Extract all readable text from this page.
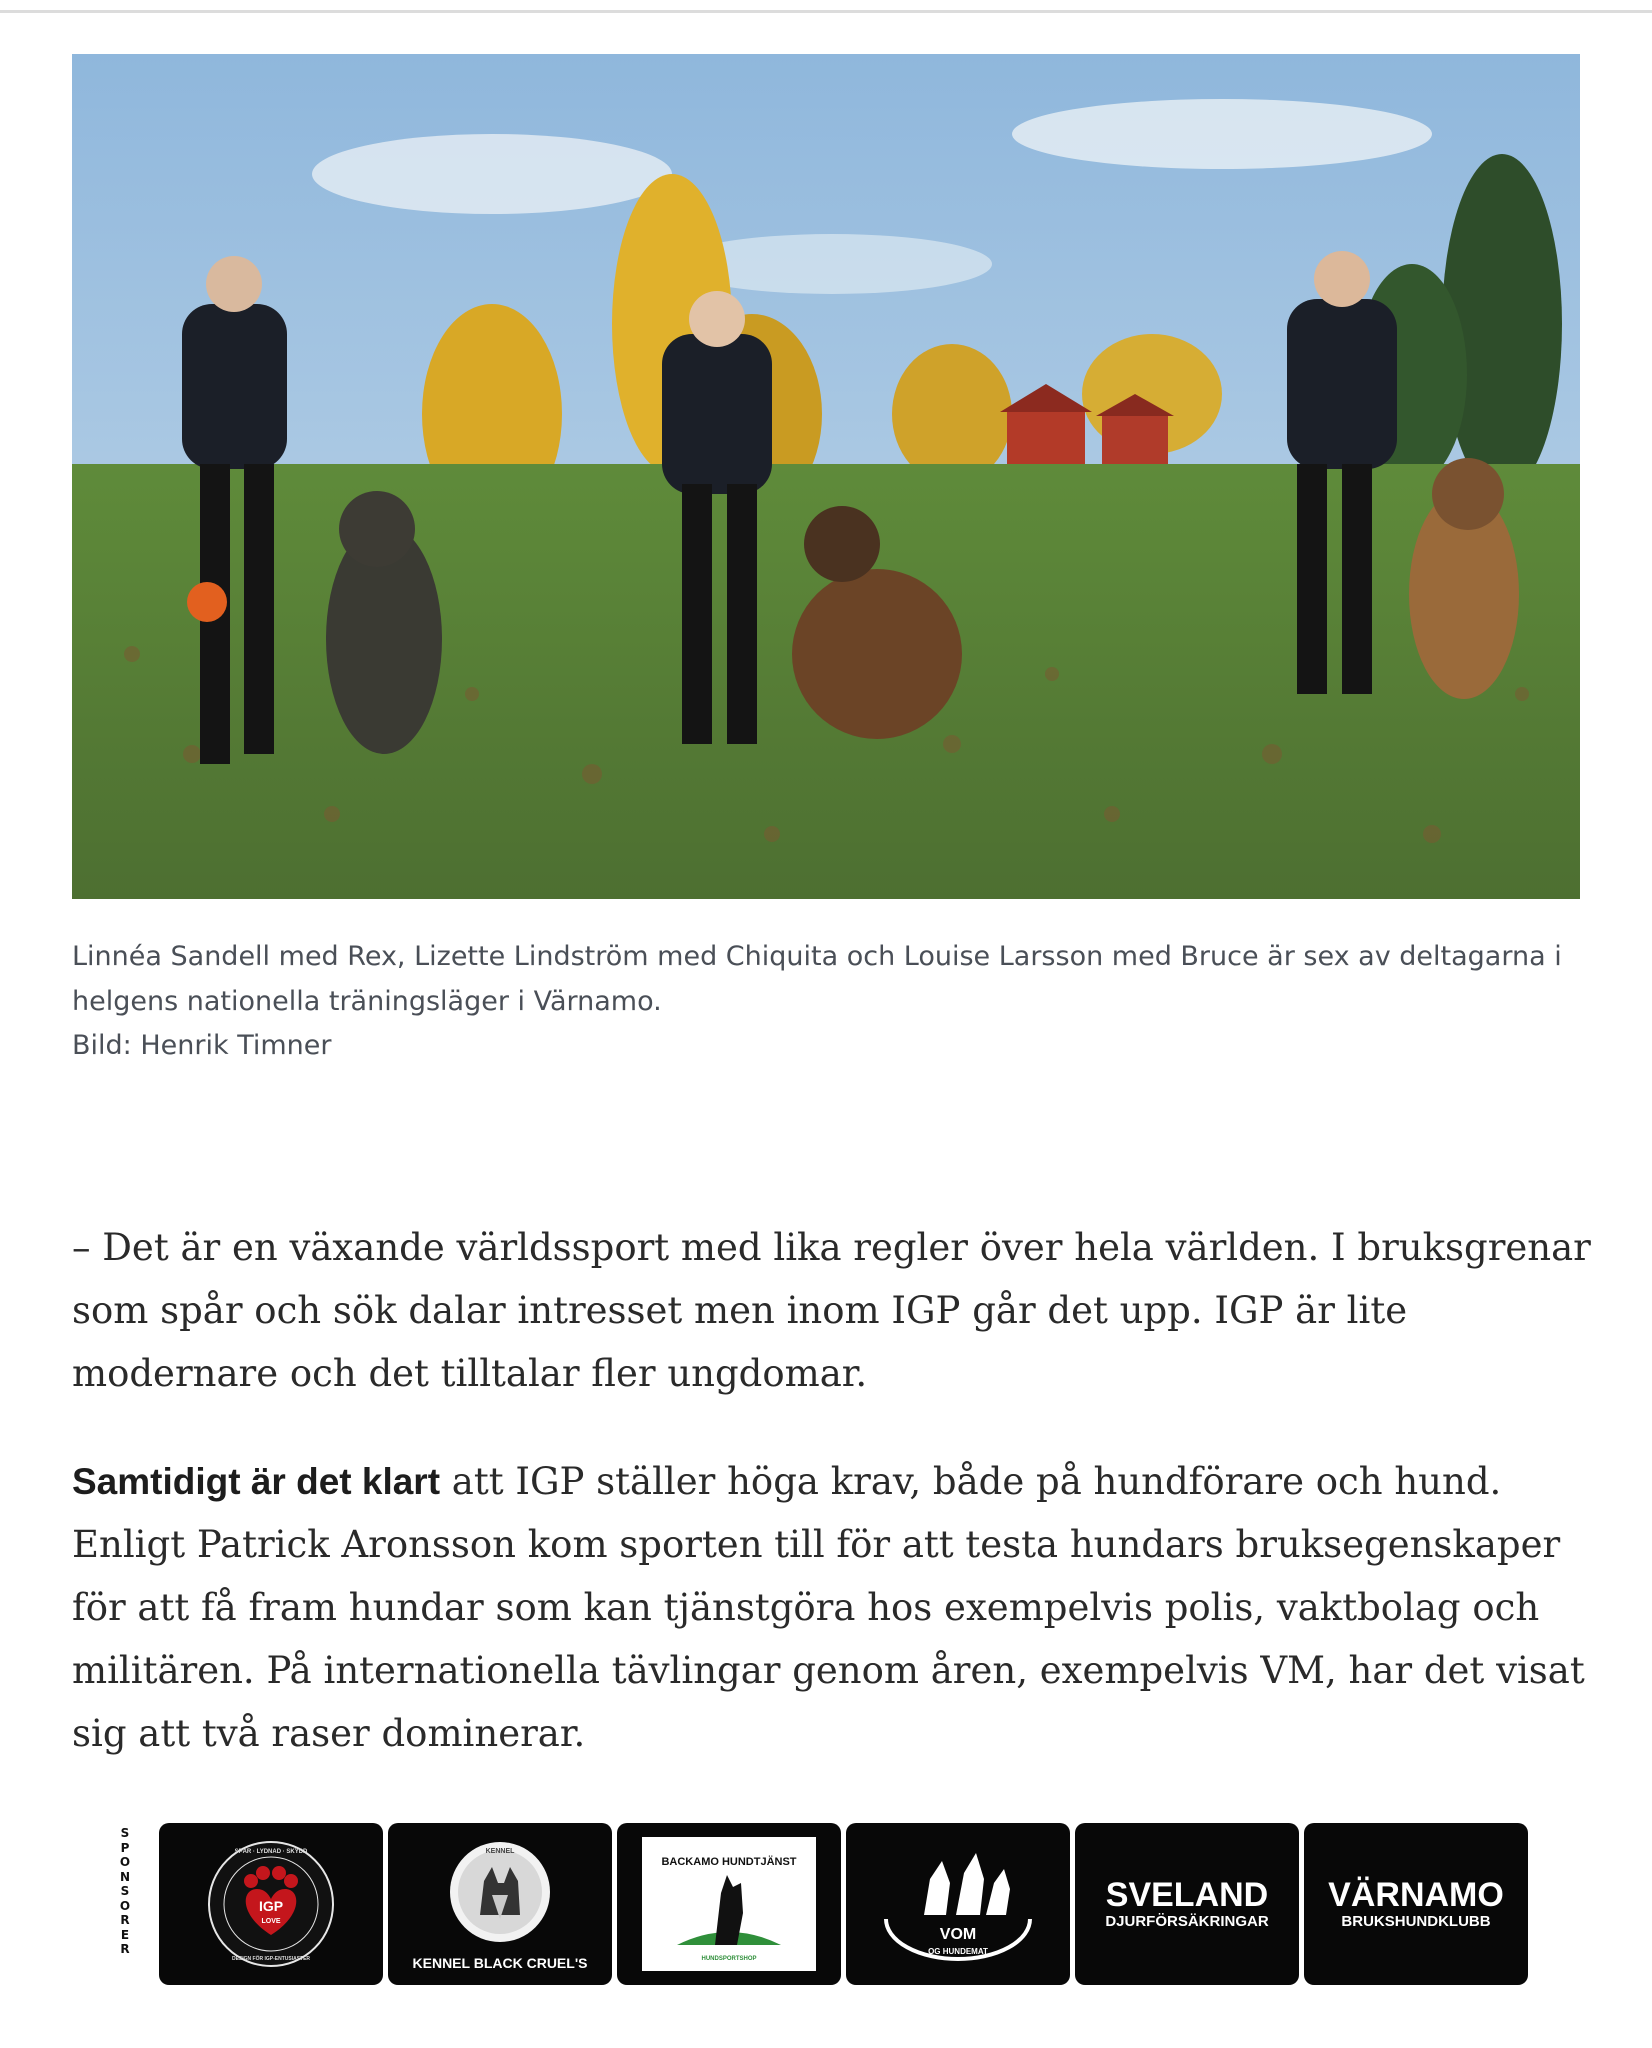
Linnéa Sandell med Rex, Lizette Lindström med Chiquita och Louise Larsson med Bruce är sex av deltagarna i helgens nationella träningsläger i Värnamo.
Bild: Henrik Timner

– Det är en växande världssport med lika regler över hela världen. I bruksgrenar som spår och sök dalar intresset men inom IGP går det upp. IGP är lite modernare och det tilltalar fler ungdomar.

Samtidigt är det klart att IGP ställer höga krav, både på hundförare och hund. Enligt Patrick Aronsson kom sporten till för att testa hundars bruksegenskaper för att få fram hundar som kan tjänstgöra hos exempelvis polis, vaktbolag och militären. På internationella tävlingar genom åren, exempelvis VM, har det visat sig att två raser dominerar.

SPONSORER
IGP
LOVE
SPÅR · LYDNAD · SKYDD
DESIGN FÖR IGP-ENTUSIASTER
KENNEL
KENNEL BLACK CRUEL'S
BACKAMO HUNDTJÄNST
HUNDSPORTSHOP
VOM
OG HUNDEMAT
SVELAND
DJURFÖRSÄKRINGAR
VÄRNAMO
BRUKSHUNDKLUBB
